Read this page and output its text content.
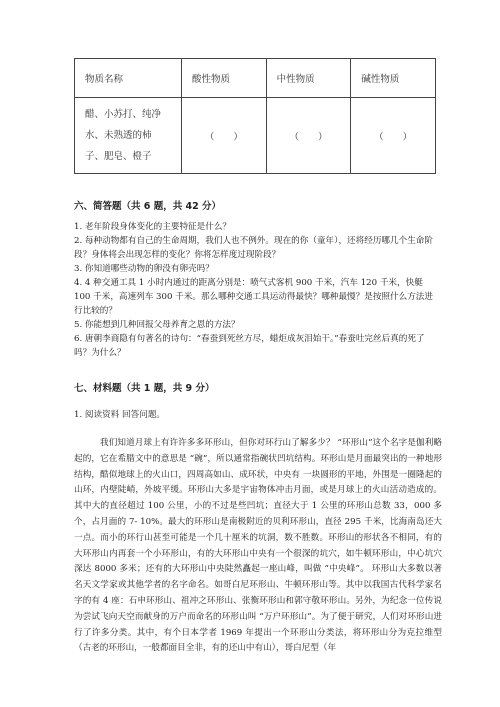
物质名称	酸性物质	中性物质	碱性物质

醋、小苏打、纯净
水、未熟透的柿
子、肥皂、橙子	（　　）	（　　）	（　　）
六、简答题（共 6 题，共 42 分）
1. 老年阶段身体变化的主要特征是什么？
2. 每种动物都有自己的生命周期，我们人也不例外。现在的你（童年），还将经历哪几个生命阶段？身体将会出现怎样的变化？你将怎样度过现阶段？
3. 你知道哪些动物的卵没有卵壳吗？
4. 4 种交通工具 1 小时内通过的距离分别是：喷气式客机 900 千米，汽车 120 千米，快艇 100 千米，高速列车 300 千米。那么哪种交通工具运动得最快？哪种最慢？是按照什么方法进行比较的？
5. 你能想到几种回报父母养育之恩的方法？
6. 唐朝李商隐有句著名的诗句：“春蚕到死丝方尽，蜡炬成灰泪始干。”春蚕吐完丝后真的死了吗？为什么？
七、材料题（共 1 题，共 9 分）
1. 阅读资料 回答问题。
我们知道月球上有许许多多环形山，但你对环行山了解多少？ “环形山”这个名字是伽利略起的，它在希腊文中的意思是 “碗”，所以通常指碗状凹坑结构。环形山是月面最突出的一种地形结构，酷似地球上的火山口，四周高如山、成环状，中央有 一块圆形的平地，外围是一圈隆起的山环，内壁陡峭，外坡平缓。环形山大多是宇宙物体冲击月面，或是月球上的火山活动造成的。其中大的直径超过 100 公里，小的不过是些凹坑；直径大于 1 公里的环形山总数 33，000 多个，占月面的 7- 10%。最大的环形山是南极附近的贝利环形山，直径 295 千米，比海南岛还大一点。而小的环行山甚至可能是一个几十厘米的坑洞，数不胜数。环形山的形状各不相同，有的大环形山内再套一个小环形山，有的大环形山中央有一个很深的坑穴，如牛顿环形山，中心坑穴深达 8000 多米；还有的大环形山中央陡然矗起一座山峰，叫做 “中央峰”。 环形山大多数以著名天文学家或其他学者的名字命名。如哥白尼环形山、牛顿环形山等。其中以我国古代科学家名字的有 4 座：石申环形山、祖冲之环形山、张衡环形山和郭守敬环形山。另外，为纪念一位传说为尝试飞向天空而献身的万户而命名的环形山叫 “万户环形山”。为了便于研究，人们对环形山进行了许多分类。其中，有个日本学者 1969 年提出一个环形山分类法，将环形山分为克拉维型（古老的环形山，一般都面目全非，有的还山中有山），哥白尼型（年
